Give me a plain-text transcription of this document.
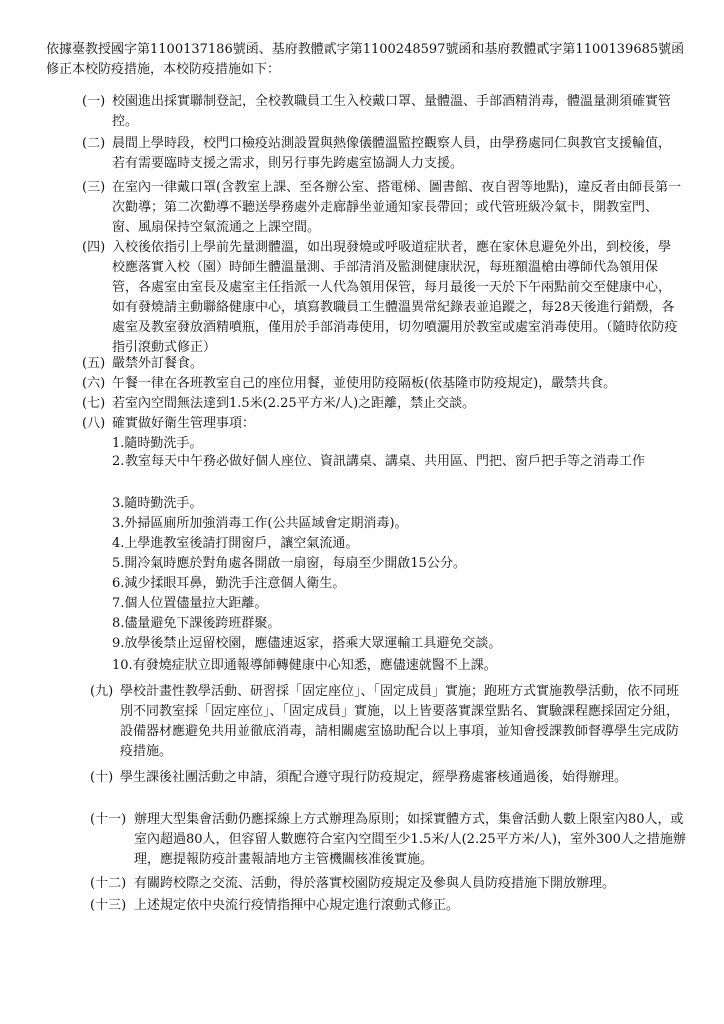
依據臺教授國字第1100137186號函、基府教體貳字第1100248597號函和基府教體貳字第1100139685號函修正本校防疫措施，本校防疫措施如下：

(一) 校園進出採實聯制登記，全校教職員工生入校戴口罩、量體溫、手部酒精消毒，體溫量測須確實管控。

(二) 晨間上學時段，校門口檢疫站測設置與熱像儀體溫監控觀察人員，由學務處同仁與教官支援輪值，若有需要臨時支援之需求，則另行事先跨處室協調人力支援。

(三) 在室內一律戴口罩(含教室上課、至各辦公室、搭電梯、圖書館、夜自習等地點)，違反者由師長第一次勸導；第二次勸導不聽送學務處外走廊靜坐並通知家長帶回；或代管班級冷氣卡，開教室門、窗、風扇保持空氣流通之上課空間。

(四) 入校後依指引上學前先量測體溫，如出現發燒或呼吸道症狀者，應在家休息避免外出，到校後，學校應落實入校（園）時師生體溫量測、手部清消及監測健康狀況，每班額溫槍由導師代為領用保管，各處室由室長及處室主任指派一人代為領用保管，每月最後一天於下午兩點前交至健康中心，如有發燒請主動聯絡健康中心，填寫教職員工生體溫異常紀錄表並追蹤之，每28天後進行銷燬，各處室及教室發放酒精噴瓶，僅用於手部消毒使用，切勿噴灑用於教室或處室消毒使用。（隨時依防疫指引滾動式修正）

(五) 嚴禁外訂餐食。

(六) 午餐一律在各班教室自己的座位用餐，並使用防疫隔板(依基隆市防疫規定)，嚴禁共食。

(七) 若室內空間無法達到1.5米(2.25平方米/人)之距離，禁止交談。

(八) 確實做好衛生管理事項：

1.隨時勤洗手。
2. 教室每天中午務必做好個人座位、資訊講桌、講桌、共用區、門把、窗戶把手等之消毒工作

3.隨時勤洗手。
3.外掃區廁所加強消毒工作(公共區域會定期消毒)。
4.上學進教室後請打開窗戶，讓空氣流通。
5.開冷氣時應於對角處各開啟一扇窗，每扇至少開啟15公分。
6.減少揉眼耳鼻，勤洗手注意個人衛生。
7.個人位置儘量拉大距離。
8.儘量避免下課後跨班群聚。
9.放學後禁止逗留校園，應儘速返家，搭乘大眾運輸工具避免交談。
10.有發燒症狀立即通報導師轉健康中心知悉，應儘速就醫不上課。
(九) 學校計畫性教學活動、研習採「固定座位」、「固定成員」實施；跑班方式實施教學活動，依不同班別不同教室採「固定座位」、「固定成員」實施，以上皆要落實課堂點名、實驗課程應採固定分組，設備器材應避免共用並徹底消毒，請相關處室協助配合以上事項，並知會授課教師督導學生完成防疫措施。

(十) 學生課後社團活動之申請，須配合遵守現行防疫規定，經學務處審核通過後，始得辦理。

(十一) 辦理大型集會活動仍應採線上方式辦理為原則；如採實體方式，集會活動人數上限室內80人，或室內超過80人，但容留人數應符合室內空間至少1.5米/人(2.25平方米/人)，室外300人之措施辦理，應提報防疫計畫報請地方主管機關核准後實施。

(十二) 有關跨校際之交流、活動，得於落實校園防疫規定及參與人員防疫措施下開放辦理。

(十三) 上述規定依中央流行疫情指揮中心規定進行滾動式修正。
